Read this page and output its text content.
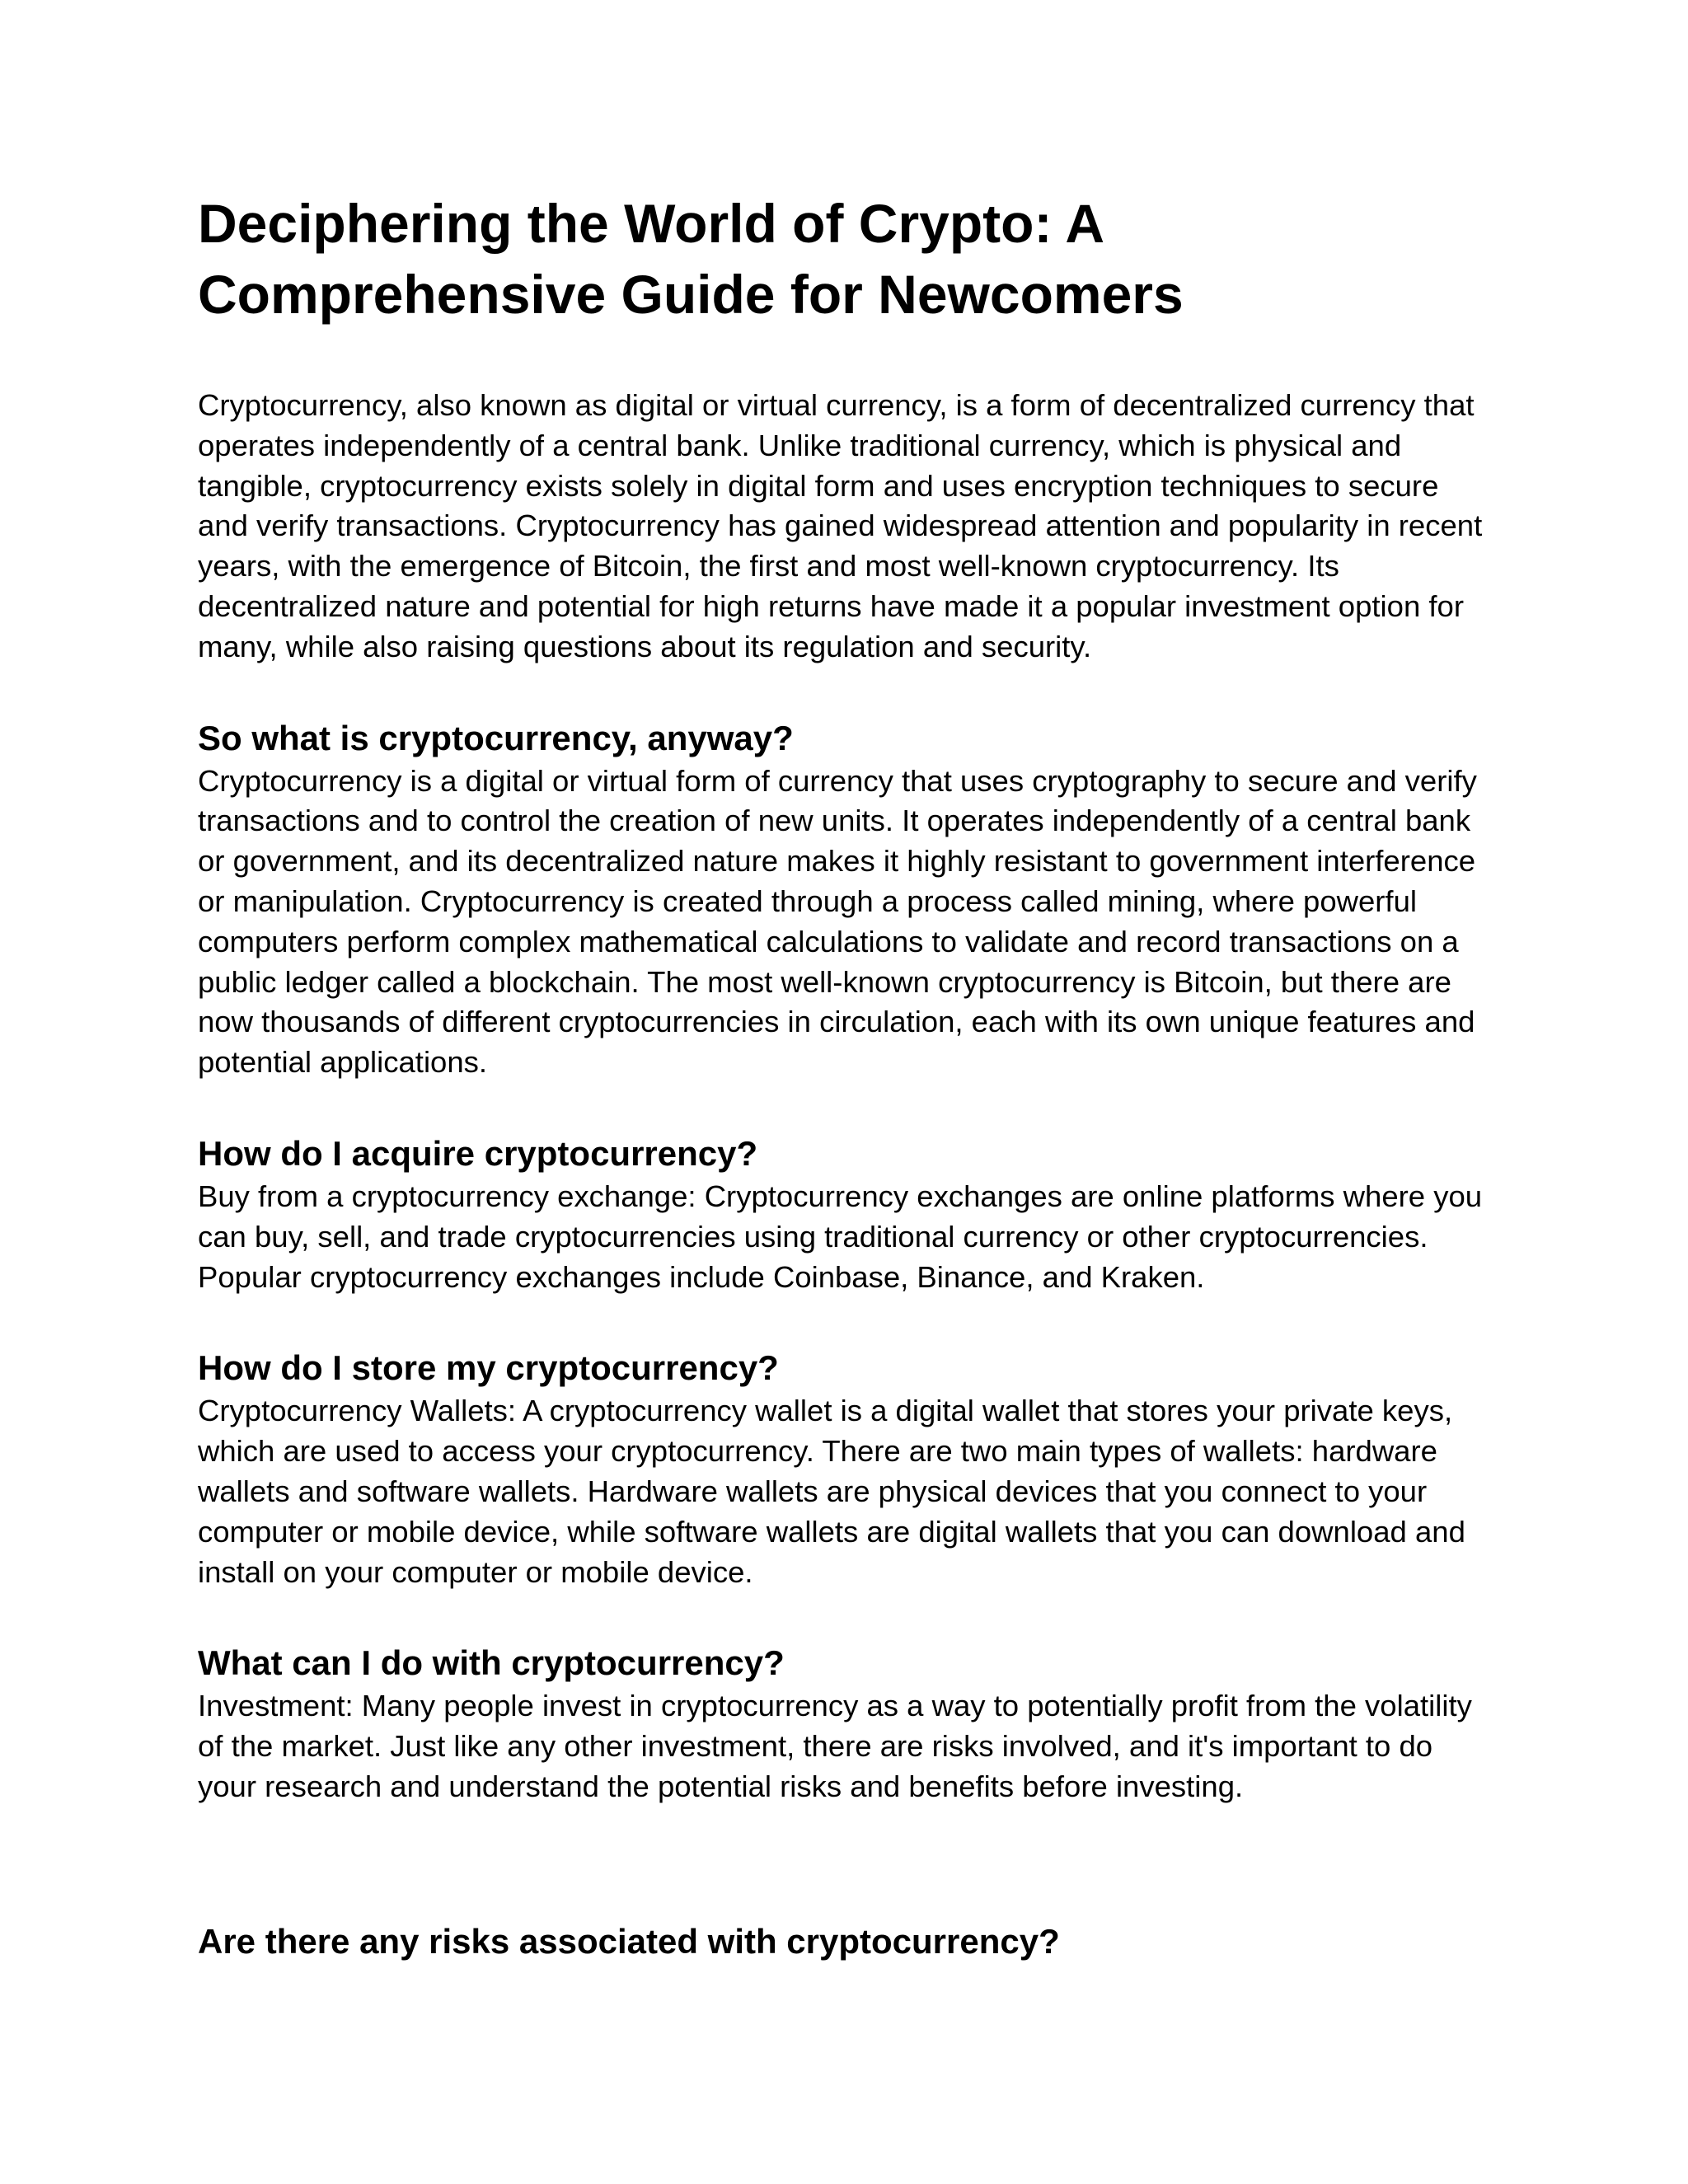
Deciphering the World of Crypto: A Comprehensive Guide for Newcomers

Cryptocurrency, also known as digital or virtual currency, is a form of decentralized currency that operates independently of a central bank. Unlike traditional currency, which is physical and tangible, cryptocurrency exists solely in digital form and uses encryption techniques to secure and verify transactions. Cryptocurrency has gained widespread attention and popularity in recent years, with the emergence of Bitcoin, the first and most well-known cryptocurrency. Its decentralized nature and potential for high returns have made it a popular investment option for many, while also raising questions about its regulation and security.

So what is cryptocurrency, anyway?

Cryptocurrency is a digital or virtual form of currency that uses cryptography to secure and verify transactions and to control the creation of new units. It operates independently of a central bank or government, and its decentralized nature makes it highly resistant to government interference or manipulation. Cryptocurrency is created through a process called mining, where powerful computers perform complex mathematical calculations to validate and record transactions on a public ledger called a blockchain. The most well-known cryptocurrency is Bitcoin, but there are now thousands of different cryptocurrencies in circulation, each with its own unique features and potential applications.

How do I acquire cryptocurrency?

Buy from a cryptocurrency exchange: Cryptocurrency exchanges are online platforms where you can buy, sell, and trade cryptocurrencies using traditional currency or other cryptocurrencies. Popular cryptocurrency exchanges include Coinbase, Binance, and Kraken.

How do I store my cryptocurrency?

Cryptocurrency Wallets: A cryptocurrency wallet is a digital wallet that stores your private keys, which are used to access your cryptocurrency. There are two main types of wallets: hardware wallets and software wallets. Hardware wallets are physical devices that you connect to your computer or mobile device, while software wallets are digital wallets that you can download and install on your computer or mobile device.

What can I do with cryptocurrency?

Investment: Many people invest in cryptocurrency as a way to potentially profit from the volatility of the market. Just like any other investment, there are risks involved, and it's important to do your research and understand the potential risks and benefits before investing.

Are there any risks associated with cryptocurrency?
